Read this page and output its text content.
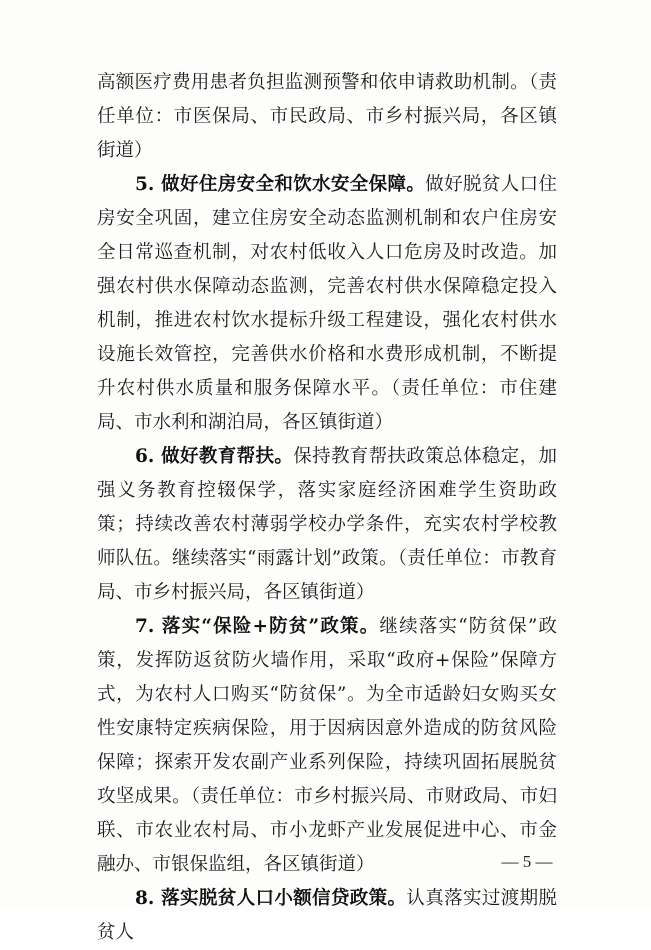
高额医疗费用患者负担监测预警和依申请救助机制。（责任单位：市医保局、市民政局、市乡村振兴局，各区镇街道）

5. 做好住房安全和饮水安全保障。做好脱贫人口住房安全巩固，建立住房安全动态监测机制和农户住房安全日常巡查机制，对农村低收入人口危房及时改造。加强农村供水保障动态监测，完善农村供水保障稳定投入机制，推进农村饮水提标升级工程建设，强化农村供水设施长效管控，完善供水价格和水费形成机制，不断提升农村供水质量和服务保障水平。（责任单位：市住建局、市水利和湖泊局，各区镇街道）

6. 做好教育帮扶。保持教育帮扶政策总体稳定，加强义务教育控辍保学，落实家庭经济困难学生资助政策；持续改善农村薄弱学校办学条件，充实农村学校教师队伍。继续落实“雨露计划”政策。（责任单位：市教育局、市乡村振兴局，各区镇街道）

7. 落实“保险+防贫”政策。继续落实“防贫保”政策，发挥防返贫防火墙作用，采取“政府+保险”保障方式，为农村人口购买“防贫保”。为全市适龄妇女购买女性安康特定疾病保险，用于因病因意外造成的防贫风险保障；探索开发农副产业系列保险，持续巩固拓展脱贫攻坚成果。（责任单位：市乡村振兴局、市财政局、市妇联、市农业农村局、市小龙虾产业发展促进中心、市金融办、市银保监组，各区镇街道）

8. 落实脱贫人口小额信贷政策。认真落实过渡期脱贫人

— 5 —
